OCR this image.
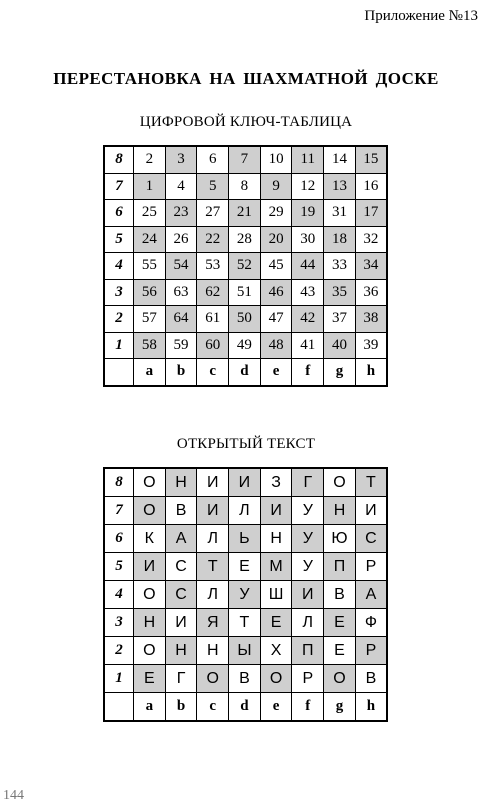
Приложение №13
ПЕРЕСТАНОВКА НА ШАХМАТНОЙ ДОСКЕ
ЦИФРОВОЙ КЛЮЧ-ТАБЛИЦА
8	2	3	6	7	10	11	14	15
7	1	4	5	8	9	12	13	16
6	25	23	27	21	29	19	31	17
5	24	26	22	28	20	30	18	32
4	55	54	53	52	45	44	33	34
3	56	63	62	51	46	43	35	36
2	57	64	61	50	47	42	37	38
1	58	59	60	49	48	41	40	39
	a	b	c	d	e	f	g	h
ОТКРЫТЫЙ ТЕКСТ
8	О	Н	И	И	З	Г	О	Т
7	О	В	И	Л	И	У	Н	И
6	К	А	Л	Ь	Н	У	Ю	С
5	И	С	Т	Е	М	У	П	Р
4	О	С	Л	У	Ш	И	В	А
3	Н	И	Я	Т	Е	Л	Е	Ф
2	О	Н	Н	Ы	Х	П	Е	Р
1	Е	Г	О	В	О	Р	О	В
	a	b	c	d	e	f	g	h
144
